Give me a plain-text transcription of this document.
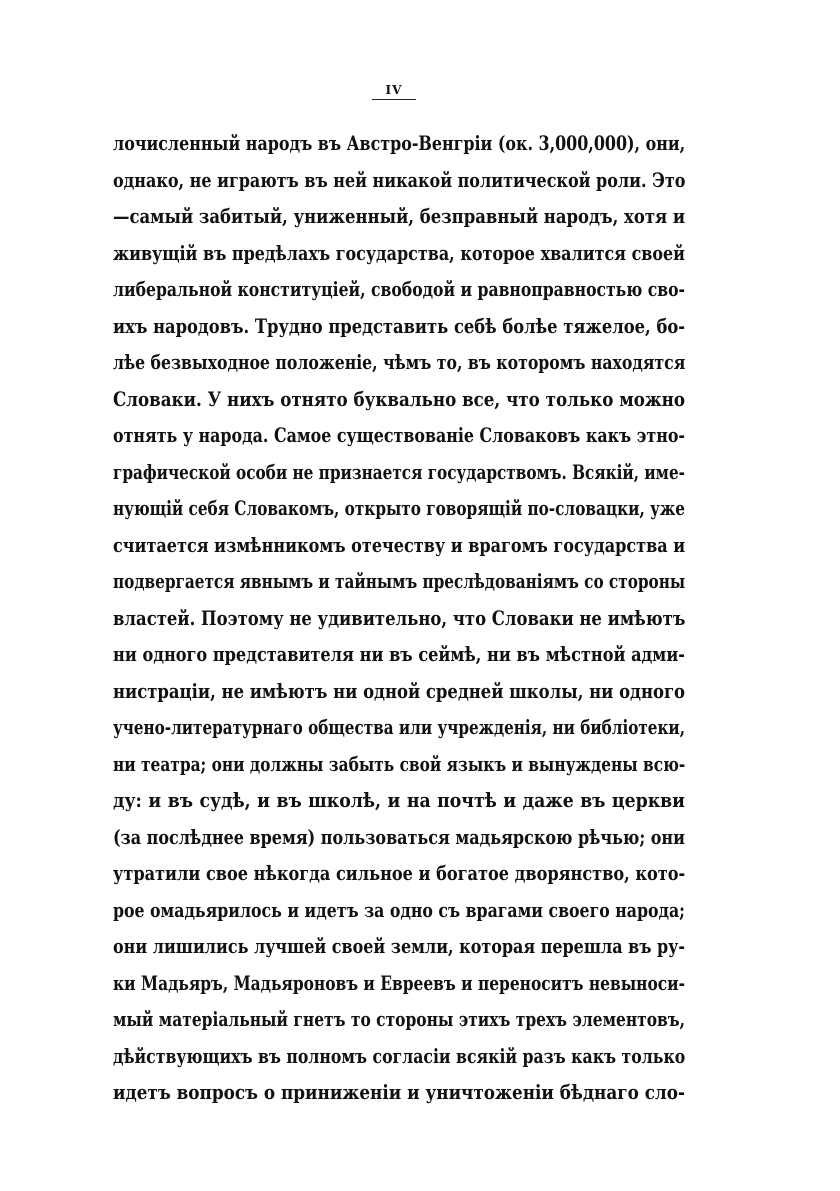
IV
лочисленный народъ въ Австро-Венгріи (ок. 3,000,000), они,
однако, не играютъ въ ней никакой политической роли. Это
—самый забитый, униженный, безправный народъ, хотя и
живущій въ предѣлахъ государства, которое хвалится своей
либеральной конституціей, свободой и равноправностью сво-
ихъ народовъ. Трудно представить себѣ болѣе тяжелое, бо-
лѣе безвыходное положеніе, чѣмъ то, въ которомъ находятся
Словаки. У нихъ отнято буквально все, что только можно
отнять у народа. Самое существованіе Словаковъ какъ этно-
графической особи не признается государствомъ. Всякій, име-
нующій себя Словакомъ, открыто говорящій по-словацки, уже
считается измѣнникомъ отечеству и врагомъ государства и
подвергается явнымъ и тайнымъ преслѣдованіямъ со стороны
властей. Поэтому не удивительно, что Словаки не имѣютъ
ни одного представителя ни въ сеймѣ, ни въ мѣстной адми-
нистраціи, не имѣютъ ни одной средней школы, ни одного
учено-литературнаго общества или учрежденія, ни библіотеки,
ни театра; они должны забыть свой языкъ и вынуждены всю-
ду: и въ судѣ, и въ школѣ, и на почтѣ и даже въ церкви
(за послѣднее время) пользоваться мадьярскою рѣчью; они
утратили свое нѣкогда сильное и богатое дворянство, кото-
рое омадьярилось и идетъ за одно съ врагами своего народа;
они лишились лучшей своей земли, которая перешла въ ру-
ки Мадьяръ, Мадьяроновъ и Евреевъ и переноситъ невыноси-
мый матеріальный гнетъ то стороны этихъ трехъ элементовъ,
дѣйствующихъ въ полномъ согласіи всякій разъ какъ только
идетъ вопросъ о приниженіи и уничтоженіи бѣднаго сло-
